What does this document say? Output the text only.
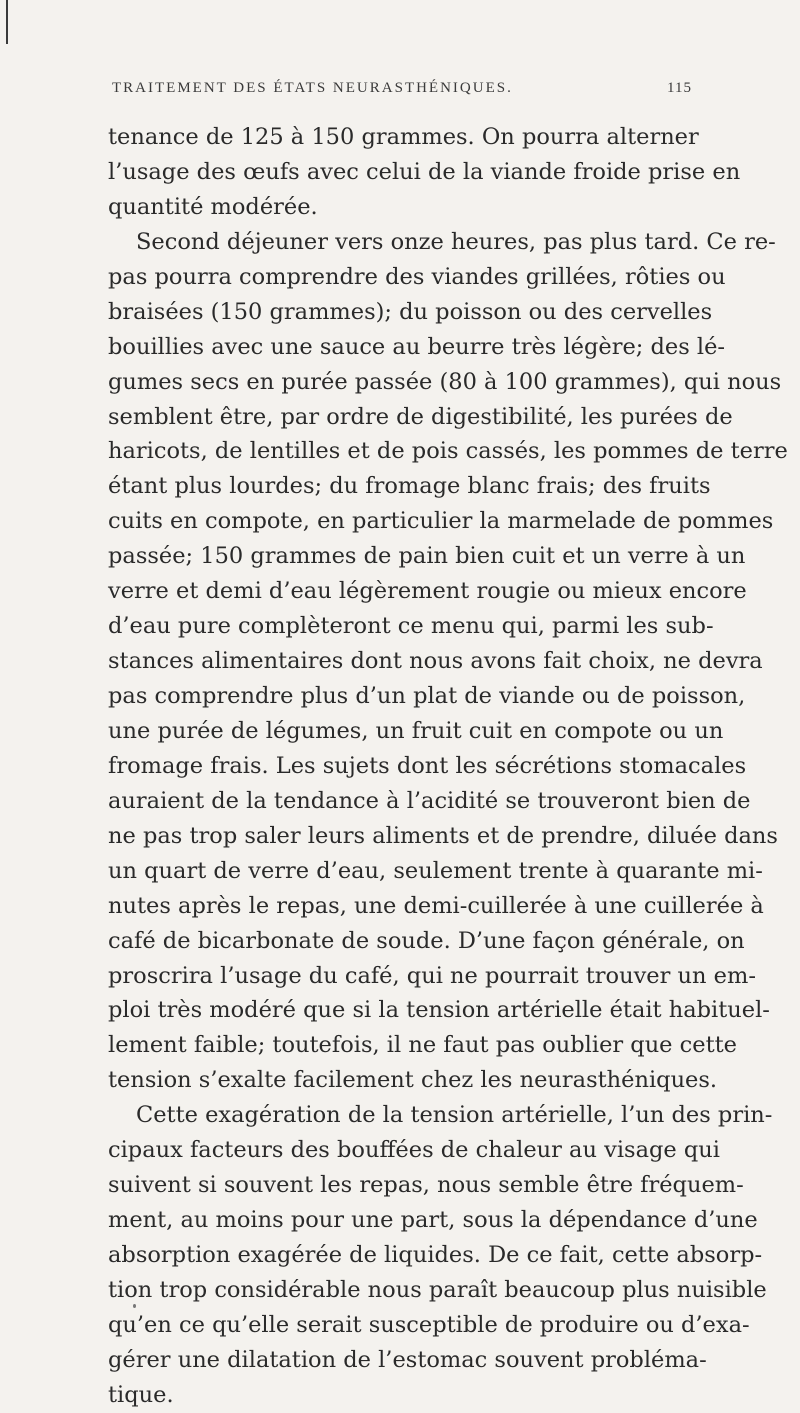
TRAITEMENT DES ÉTATS NEURASTHÉNIQUES.	115
tenance de 125 à 150 grammes. On pourra alterner
l’usage des œufs avec celui de la viande froide prise en
quantité modérée.
Second déjeuner vers onze heures, pas plus tard. Ce re-
pas pourra comprendre des viandes grillées, rôties ou
braisées (150 grammes); du poisson ou des cervelles
bouillies avec une sauce au beurre très légère; des lé-
gumes secs en purée passée (80 à 100 grammes), qui nous
semblent être, par ordre de digestibilité, les purées de
haricots, de lentilles et de pois cassés, les pommes de terre
étant plus lourdes; du fromage blanc frais; des fruits
cuits en compote, en particulier la marmelade de pommes
passée; 150 grammes de pain bien cuit et un verre à un
verre et demi d’eau légèrement rougie ou mieux encore
d’eau pure complèteront ce menu qui, parmi les sub-
stances alimentaires dont nous avons fait choix, ne devra
pas comprendre plus d’un plat de viande ou de poisson,
une purée de légumes, un fruit cuit en compote ou un
fromage frais. Les sujets dont les sécrétions stomacales
auraient de la tendance à l’acidité se trouveront bien de
ne pas trop saler leurs aliments et de prendre, diluée dans
un quart de verre d’eau, seulement trente à quarante mi-
nutes après le repas, une demi-cuillerée à une cuillerée à
café de bicarbonate de soude. D’une façon générale, on
proscrira l’usage du café, qui ne pourrait trouver un em-
ploi très modéré que si la tension artérielle était habituel-
lement faible; toutefois, il ne faut pas oublier que cette
tension s’exalte facilement chez les neurasthéniques.
Cette exagération de la tension artérielle, l’un des prin-
cipaux facteurs des bouffées de chaleur au visage qui
suivent si souvent les repas, nous semble être fréquem-
ment, au moins pour une part, sous la dépendance d’une
absorption exagérée de liquides. De ce fait, cette absorp-
tion trop considérable nous paraît beaucoup plus nuisible
qu’en ce qu’elle serait susceptible de produire ou d’exa-
gérer une dilatation de l’estomac souvent probléma-
tique.
